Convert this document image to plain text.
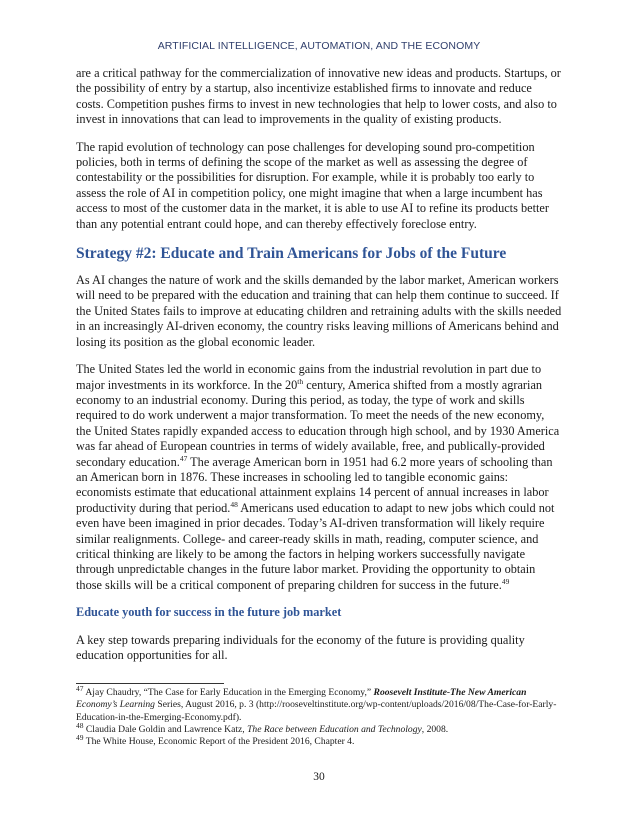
ARTIFICIAL INTELLIGENCE, AUTOMATION, AND THE ECONOMY

are a critical pathway for the commercialization of innovative new ideas and products. Startups, or the possibility of entry by a startup, also incentivize established firms to innovate and reduce costs. Competition pushes firms to invest in new technologies that help to lower costs, and also to invest in innovations that can lead to improvements in the quality of existing products.

The rapid evolution of technology can pose challenges for developing sound pro-competition policies, both in terms of defining the scope of the market as well as assessing the degree of contestability or the possibilities for disruption. For example, while it is probably too early to assess the role of AI in competition policy, one might imagine that when a large incumbent has access to most of the customer data in the market, it is able to use AI to refine its products better than any potential entrant could hope, and can thereby effectively foreclose entry.

Strategy #2: Educate and Train Americans for Jobs of the Future

As AI changes the nature of work and the skills demanded by the labor market, American workers will need to be prepared with the education and training that can help them continue to succeed. If the United States fails to improve at educating children and retraining adults with the skills needed in an increasingly AI-driven economy, the country risks leaving millions of Americans behind and losing its position as the global economic leader.

The United States led the world in economic gains from the industrial revolution in part due to major investments in its workforce. In the 20th century, America shifted from a mostly agrarian economy to an industrial economy. During this period, as today, the type of work and skills required to do work underwent a major transformation. To meet the needs of the new economy, the United States rapidly expanded access to education through high school, and by 1930 America was far ahead of European countries in terms of widely available, free, and publically-provided secondary education.$^{47}$ The average American born in 1951 had 6.2 more years of schooling than an American born in 1876. These increases in schooling led to tangible economic gains: economists estimate that educational attainment explains 14 percent of annual increases in labor productivity during that period.$^{48}$ Americans used education to adapt to new jobs which could not even have been imagined in prior decades. Today’s AI-driven transformation will likely require similar realignments. College- and career-ready skills in math, reading, computer science, and critical thinking are likely to be among the factors in helping workers successfully navigate through unpredictable changes in the future labor market. Providing the opportunity to obtain those skills will be a critical component of preparing children for success in the future.$^{49}$

Educate youth for success in the future job market

A key step towards preparing individuals for the economy of the future is providing quality education opportunities for all.

$^{47}$ Ajay Chaudry, “The Case for Early Education in the Emerging Economy,” Roosevelt Institute-The New American Economy’s Learning Series, August 2016, p. 3 (http://rooseveltinstitute.org/wp-content/uploads/2016/08/The-Case-for-Early-Education-in-the-Emerging-Economy.pdf).

$^{48}$ Claudia Dale Goldin and Lawrence Katz, The Race between Education and Technology, 2008.

$^{49}$ The White House, Economic Report of the President 2016, Chapter 4.

30
